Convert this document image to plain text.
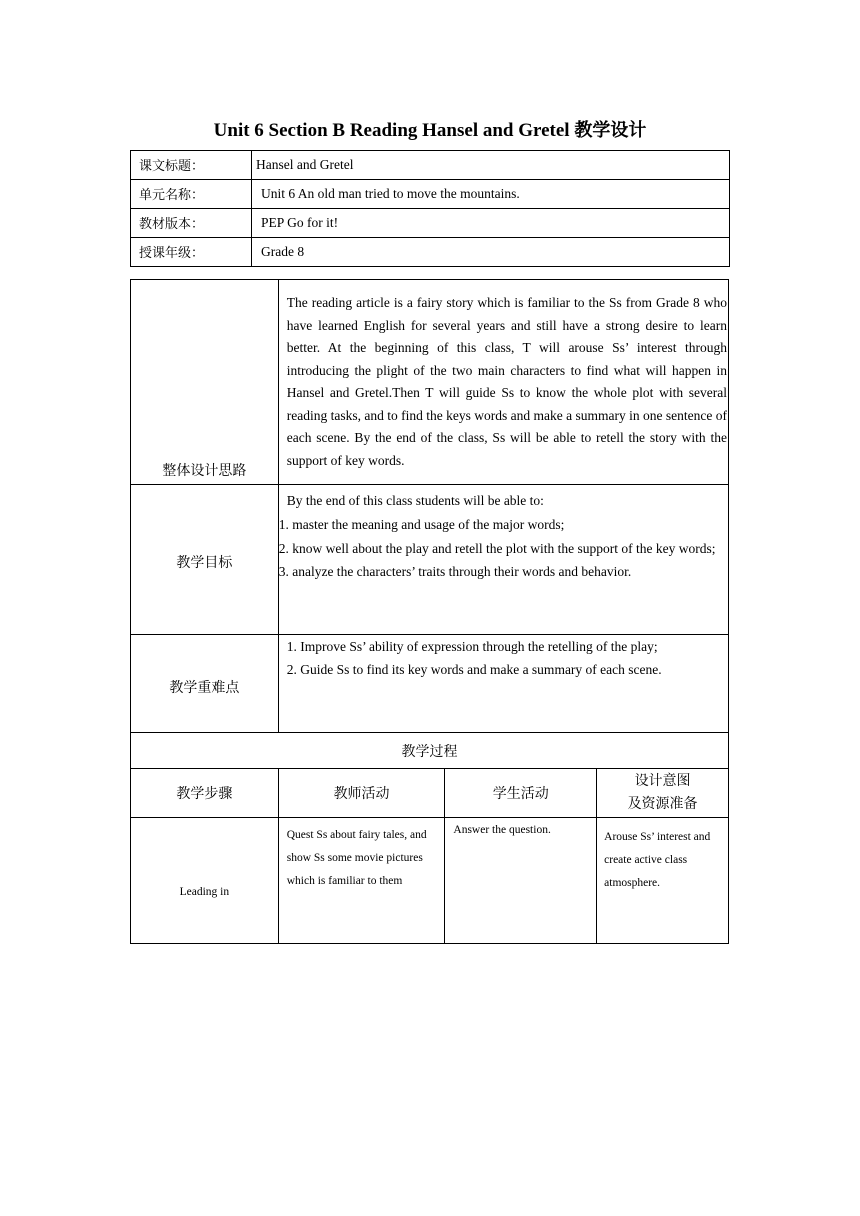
Unit 6 Section B Reading Hansel and Gretel 教学设计
课文标题：	Hansel and Gretel
单元名称：	Unit 6 An old man tried to move the mountains.
教材版本：	PEP Go for it!
授课年级：	Grade 8
整体设计思路	The reading article is a fairy story which is familiar to the Ss from Grade 8 who have learned English for several years and still have a strong desire to learn better. At the beginning of this class, T will arouse Ss’ interest through introducing the plight of the two main characters to find what will happen in Hansel and Gretel.Then T will guide Ss to know the whole plot with several reading tasks, and to find the keys words and make a summary in one sentence of each scene. By the end of the class, Ss will be able to retell the story with the support of key words.		
教学目标	By the end of this class students will be able to:

1. master the meaning and usage of the major words;

2. know well about the play and retell the plot with the support of the key words;

3. analyze the characters’ traits through their words and behavior.		

教学重难点	1. Improve Ss’ ability of expression through the retelling of the play;

2. Guide Ss to find its key words and make a summary of each scene.		

教学过程			
教学步骤	教师活动	学生活动	设计意图
及资源准备

Leading in	Quest Ss about fairy tales, and show Ss some movie pictures which is familiar to them	Answer the question.	Arouse Ss’ interest and create active class atmosphere.
